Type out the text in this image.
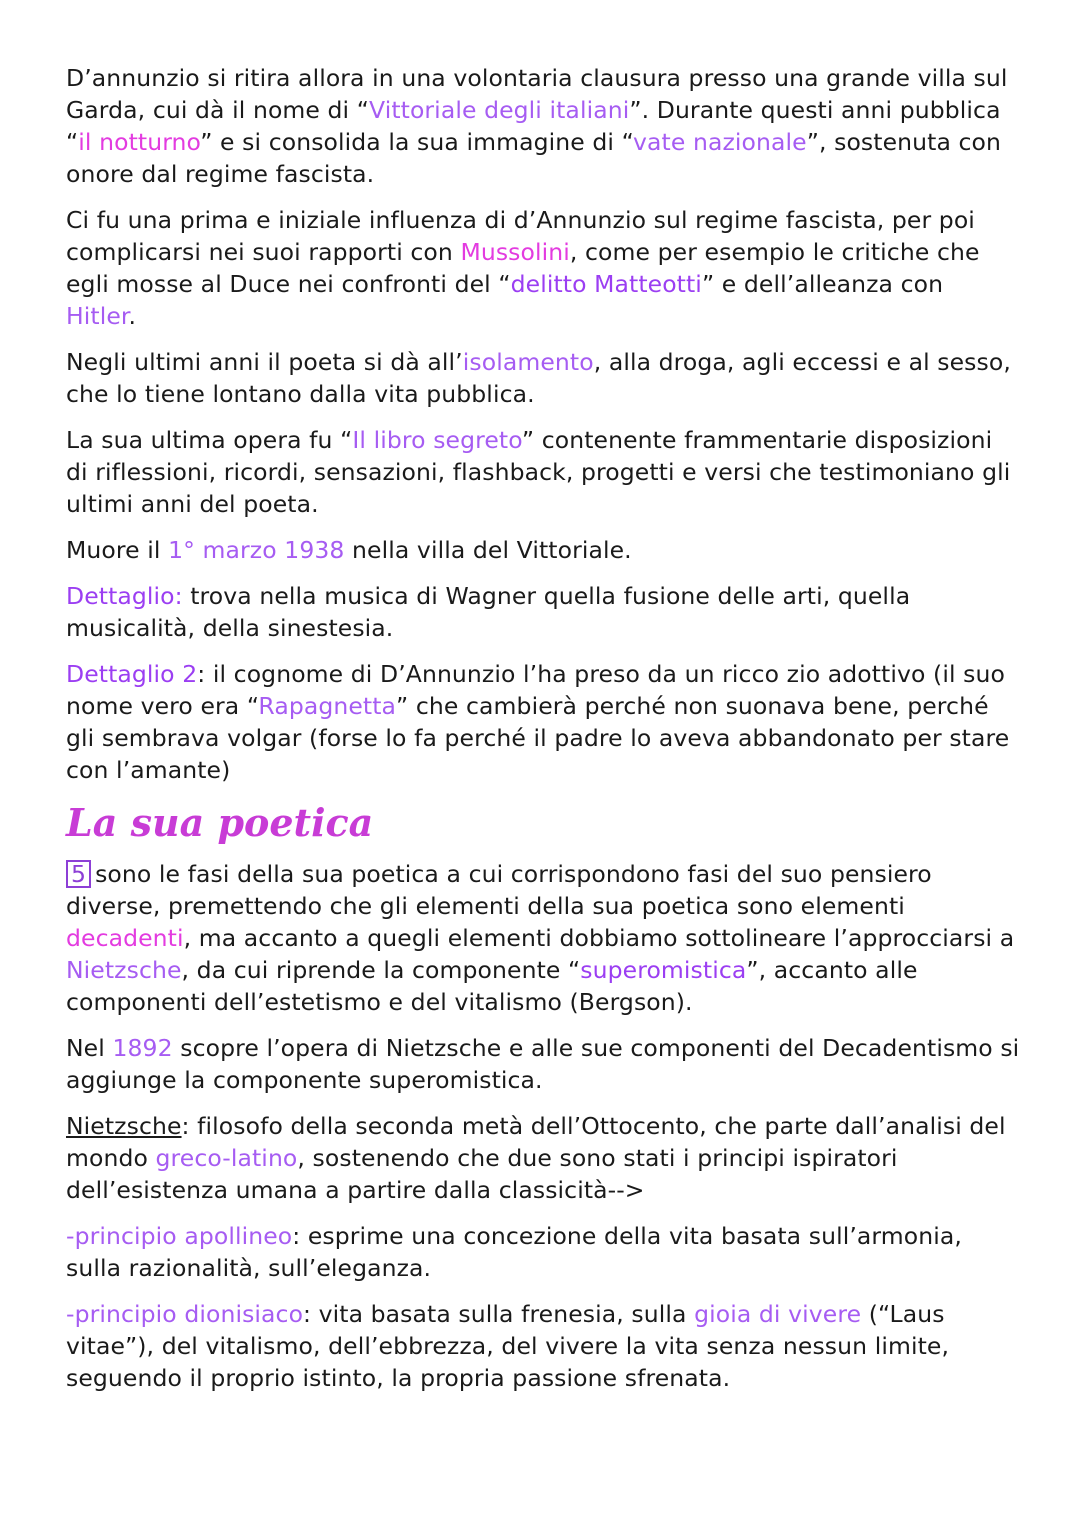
D’annunzio si ritira allora in una volontaria clausura presso una grande villa sul Garda, cui dà il nome di “Vittoriale degli italiani”. Durante questi anni pubblica “il notturno” e si consolida la sua immagine di “vate nazionale”, sostenuta con onore dal regime fascista.

Ci fu una prima e iniziale influenza di d’Annunzio sul regime fascista, per poi complicarsi nei suoi rapporti con Mussolini, come per esempio le critiche che egli mosse al Duce nei confronti del “delitto Matteotti” e dell’alleanza con Hitler.

Negli ultimi anni il poeta si dà all’isolamento, alla droga, agli eccessi e al sesso, che lo tiene lontano dalla vita pubblica.

La sua ultima opera fu “Il libro segreto” contenente frammentarie disposizioni di riflessioni, ricordi, sensazioni, flashback, progetti e versi che testimoniano gli ultimi anni del poeta.

Muore il 1° marzo 1938 nella villa del Vittoriale.

Dettaglio: trova nella musica di Wagner quella fusione delle arti, quella musicalità, della sinestesia.

Dettaglio 2: il cognome di D’Annunzio l’ha preso da un ricco zio adottivo (il suo nome vero era “Rapagnetta” che cambierà perché non suonava bene, perché gli sembrava volgar (forse lo fa perché il padre lo aveva abbandonato per stare con l’amante)

La sua poetica

5 sono le fasi della sua poetica a cui corrispondono fasi del suo pensiero diverse, premettendo che gli elementi della sua poetica sono elementi decadenti, ma accanto a quegli elementi dobbiamo sottolineare l’approcciarsi a Nietzsche, da cui riprende la componente “superomistica”, accanto alle componenti dell’estetismo e del vitalismo (Bergson).

Nel 1892 scopre l’opera di Nietzsche e alle sue componenti del Decadentismo si aggiunge la componente superomistica.

Nietzsche: filosofo della seconda metà dell’Ottocento, che parte dall’analisi del mondo greco-latino, sostenendo che due sono stati i principi ispiratori dell’esistenza umana a partire dalla classicità-->

-principio apollineo: esprime una concezione della vita basata sull’armonia, sulla razionalità, sull’eleganza.

-principio dionisiaco: vita basata sulla frenesia, sulla gioia di vivere (“Laus vitae”), del vitalismo, dell’ebbrezza, del vivere la vita senza nessun limite, seguendo il proprio istinto, la propria passione sfrenata.
